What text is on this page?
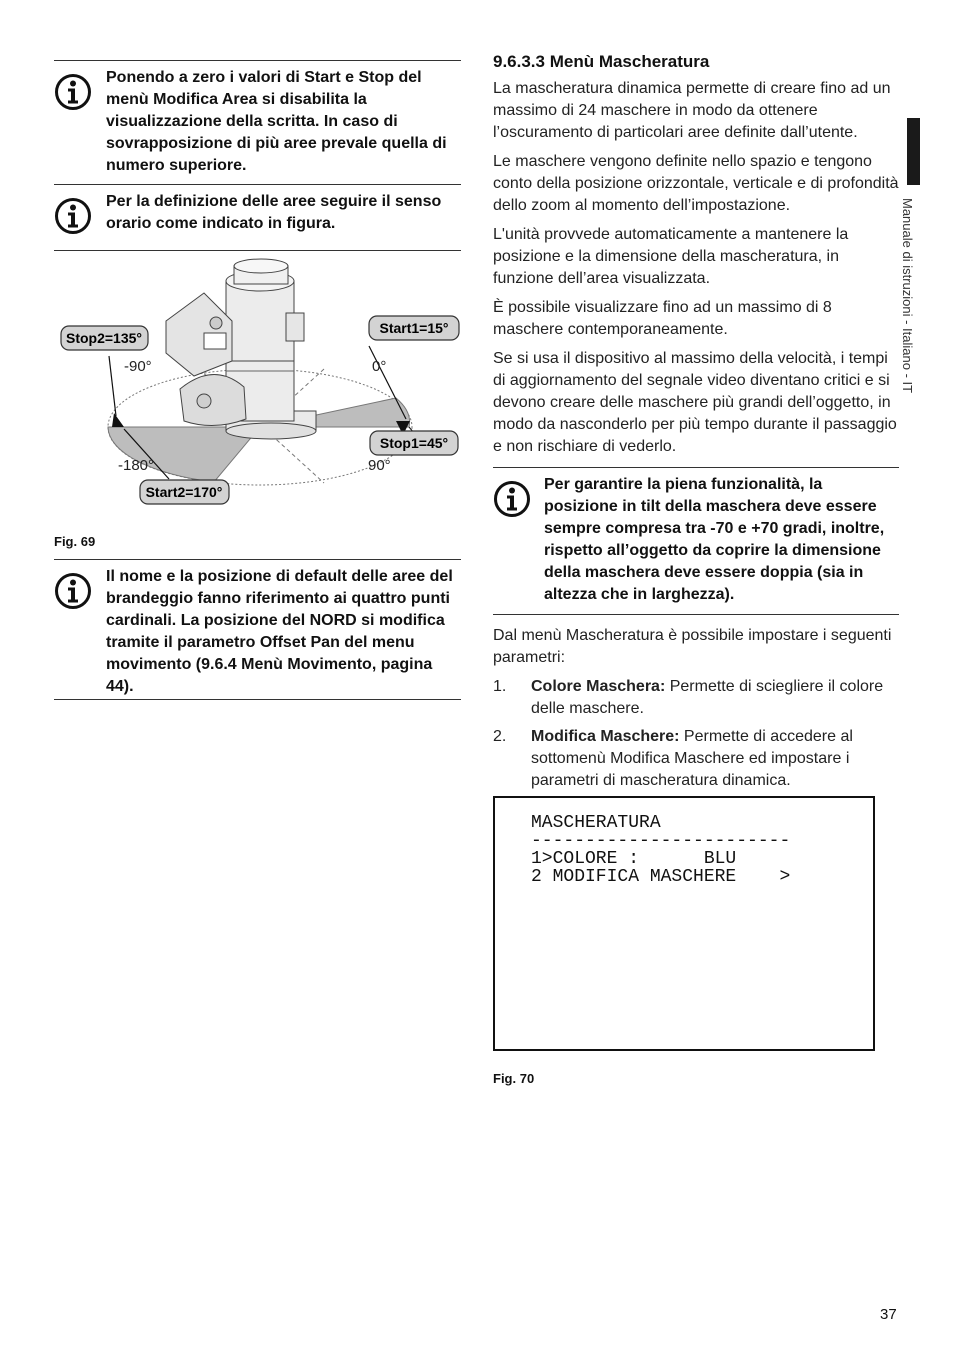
Manuale di istruzioni - Italiano - IT
Ponendo a zero i valori di Start e Stop del menù Modifica Area si disabilita la visualizzazione della scritta. In caso di sovrapposizione di più aree prevale quella di numero superiore.
Per la definizione delle aree seguire il senso orario come indicato in figura.
Stop2=135°
Start1=15°
Stop1=45°
Start2=170°
-90°	0°
-180°	90°
Fig. 69
Il nome e la posizione di default delle aree del brandeggio fanno riferimento ai quattro punti cardinali. La posizione del NORD si modifica tramite il parametro Offset Pan del menu movimento (9.6.4 Menù Movimento, pagina 44).
9.6.3.3 Menù Mascheratura

La mascheratura dinamica permette di creare fino ad un massimo di 24 maschere in modo da ottenere l’oscuramento di particolari aree definite dall’utente.

Le maschere vengono definite nello spazio e tengono conto della posizione orizzontale, verticale e di profondità dello zoom al momento dell’impostazione.

L'unità provvede automaticamente a mantenere la posizione e la dimensione della mascheratura, in funzione dell’area visualizzata.

È possibile visualizzare fino ad un massimo di 8 maschere contemporaneamente.

Se si usa il dispositivo al massimo della velocità, i tempi di aggiornamento del segnale video diventano critici e si devono creare delle maschere più grandi dell’oggetto, in modo da nasconderlo per più tempo durante il passaggio e non rischiare di vederlo.

Per garantire la piena funzionalità, la posizione in tilt della maschera deve essere sempre compresa tra -70 e +70 gradi, inoltre, rispetto all’oggetto da coprire la dimensione della maschera deve essere doppia (sia in altezza che in larghezza).

Dal menù Mascheratura è possibile impostare i seguenti parametri:

1. Colore Maschera: Permette di sciegliere il colore delle maschere.
2. Modifica Maschere: Permette di accedere al sottomenù Modifica Maschere ed impostare i parametri di mascheratura dinamica.
MASCHERATURA
------------------------
1>COLORE :      BLU
2 MODIFICA MASCHERE    >
Fig. 70
37
